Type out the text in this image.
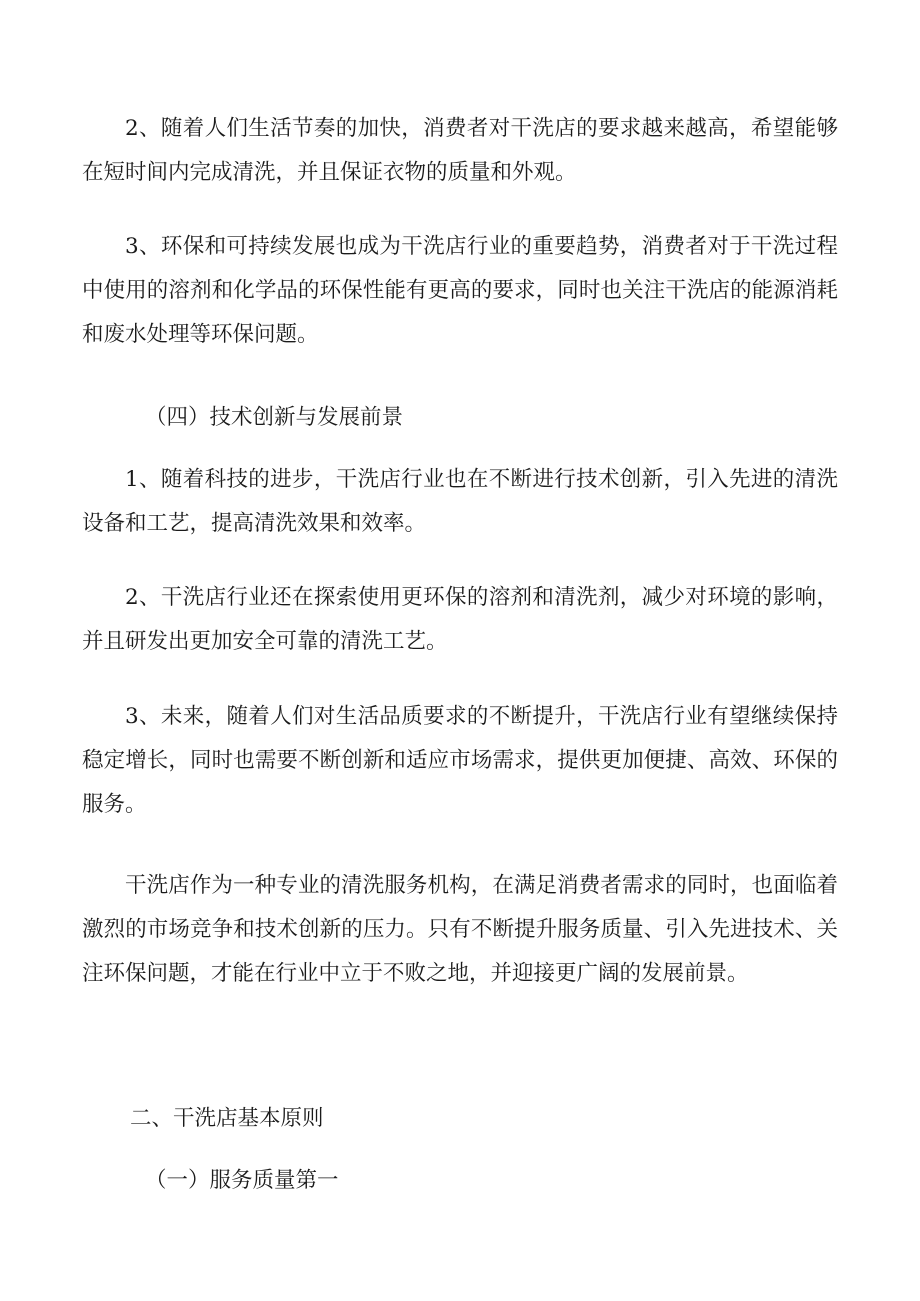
2、随着人们生活节奏的加快，消费者对干洗店的要求越来越高，希望能够在短时间内完成清洗，并且保证衣物的质量和外观。

3、环保和可持续发展也成为干洗店行业的重要趋势，消费者对于干洗过程中使用的溶剂和化学品的环保性能有更高的要求，同时也关注干洗店的能源消耗和废水处理等环保问题。

（四）技术创新与发展前景

1、随着科技的进步，干洗店行业也在不断进行技术创新，引入先进的清洗设备和工艺，提高清洗效果和效率。

2、干洗店行业还在探索使用更环保的溶剂和清洗剂，减少对环境的影响，并且研发出更加安全可靠的清洗工艺。

3、未来，随着人们对生活品质要求的不断提升，干洗店行业有望继续保持稳定增长，同时也需要不断创新和适应市场需求，提供更加便捷、高效、环保的服务。

干洗店作为一种专业的清洗服务机构，在满足消费者需求的同时，也面临着激烈的市场竞争和技术创新的压力。只有不断提升服务质量、引入先进技术、关注环保问题，才能在行业中立于不败之地，并迎接更广阔的发展前景。

二、干洗店基本原则

（一）服务质量第一
